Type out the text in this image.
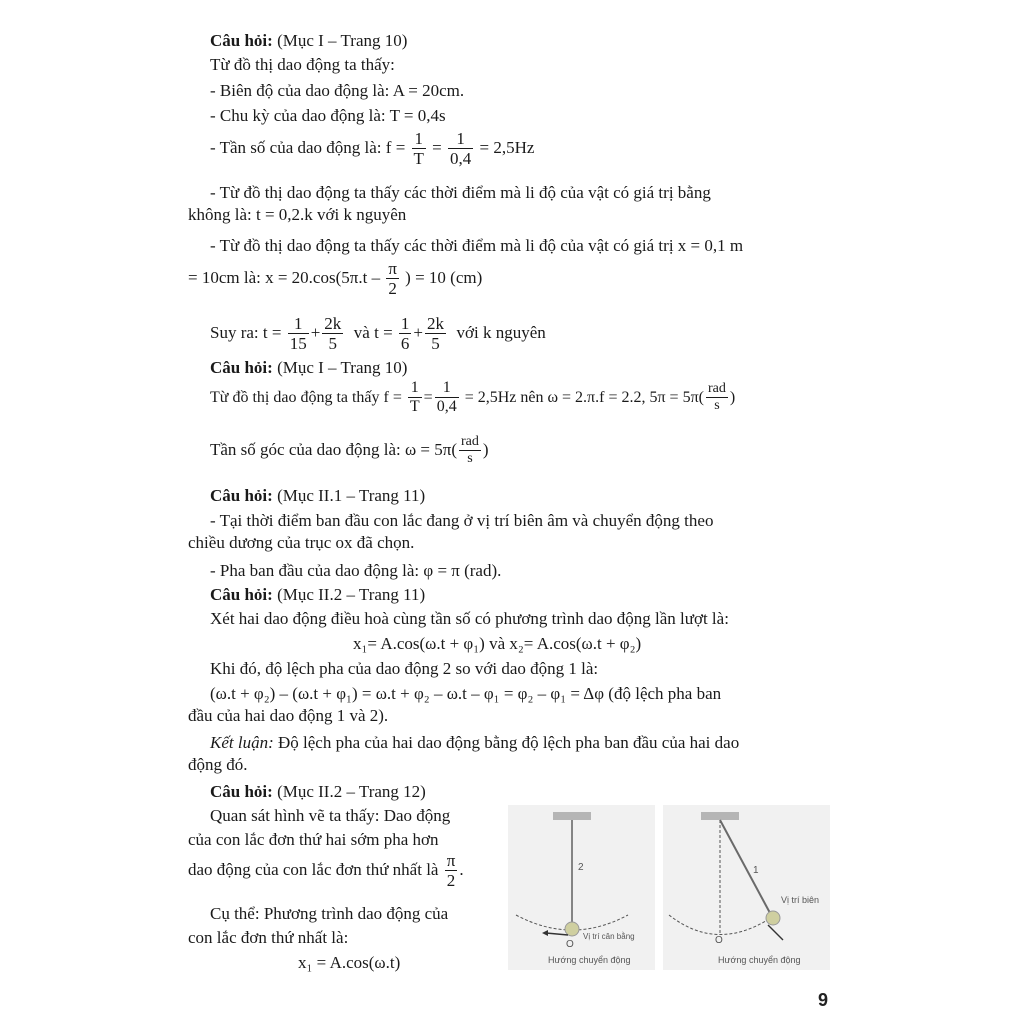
Câu hỏi: (Mục I – Trang 10)
Từ đồ thị dao động ta thấy:
- Biên độ của dao động là: A = 20cm.
- Chu kỳ của dao động là: T = 0,4s
- Tần số của dao động là: $f = \frac{1}{T} = \frac{1}{0,4} = 2,5Hz$
- Từ đồ thị dao động ta thấy các thời điểm mà li độ của vật có giá trị bằng
không là: t = 0,2.k với k nguyên
- Từ đồ thị dao động ta thấy các thời điểm mà li độ của vật có giá trị x = 0,1 m
= 10cm là: $x = 20.\cos(5\pi.t - \frac{\pi}{2}$ ) = 10 (cm)
Suy ra: $t = \frac{1}{15} + \frac{2k}{5}$ và $t = \frac{1}{6} + \frac{2k}{5}$ với k nguyên
Câu hỏi: (Mục I – Trang 10)
Từ đồ thị dao động ta thấy $f = \frac{1}{T} = \frac{1}{0,4} = 2,5Hz$ nên ω = 2.π.f = 2.2, $5\pi = 5\pi( \frac{\text{rad}}{s}$ )
Tần số góc của dao động là: $\omega = 5\pi( \frac{\text{rad}}{s}$ )
Câu hỏi: (Mục II.1 – Trang 11)
- Tại thời điểm ban đầu con lắc đang ở vị trí biên âm và chuyển động theo
chiều dương của trục ox đã chọn.
- Pha ban đầu của dao động là: φ = π (rad).
Câu hỏi: (Mục II.2 – Trang 11)
Xét hai dao động điều hoà cùng tần số có phương trình dao động lần lượt là:
x₁= A.cos(ω.t + φ₁) và x₂= A.cos(ω.t + φ₂)
Khi đó, độ lệch pha của dao động 2 so với dao động 1 là:
(ω.t + φ₂) – (ω.t + φ₁) = ω.t + φ₂ – ω.t – φ₁ = φ₂ – φ₁ = Δφ (độ lệch pha ban
đầu của hai dao động 1 và 2).
Kết luận: Độ lệch pha của hai dao động bằng độ lệch pha ban đầu của hai dao
động đó.
Câu hỏi: (Mục II.2 – Trang 12)
Quan sát hình vẽ ta thấy: Dao động
của con lắc đơn thứ hai sớm pha hơn
dao động của con lắc đơn thứ nhất là $\frac{\pi}{2}$ .
Cụ thể: Phương trình dao động của
con lắc đơn thứ nhất là:
x₁ = A.cos(ω.t)
2
O
Vị trí cân bằng
Hướng chuyển động
1
O
Vị trí biên
Hướng chuyển động
9
